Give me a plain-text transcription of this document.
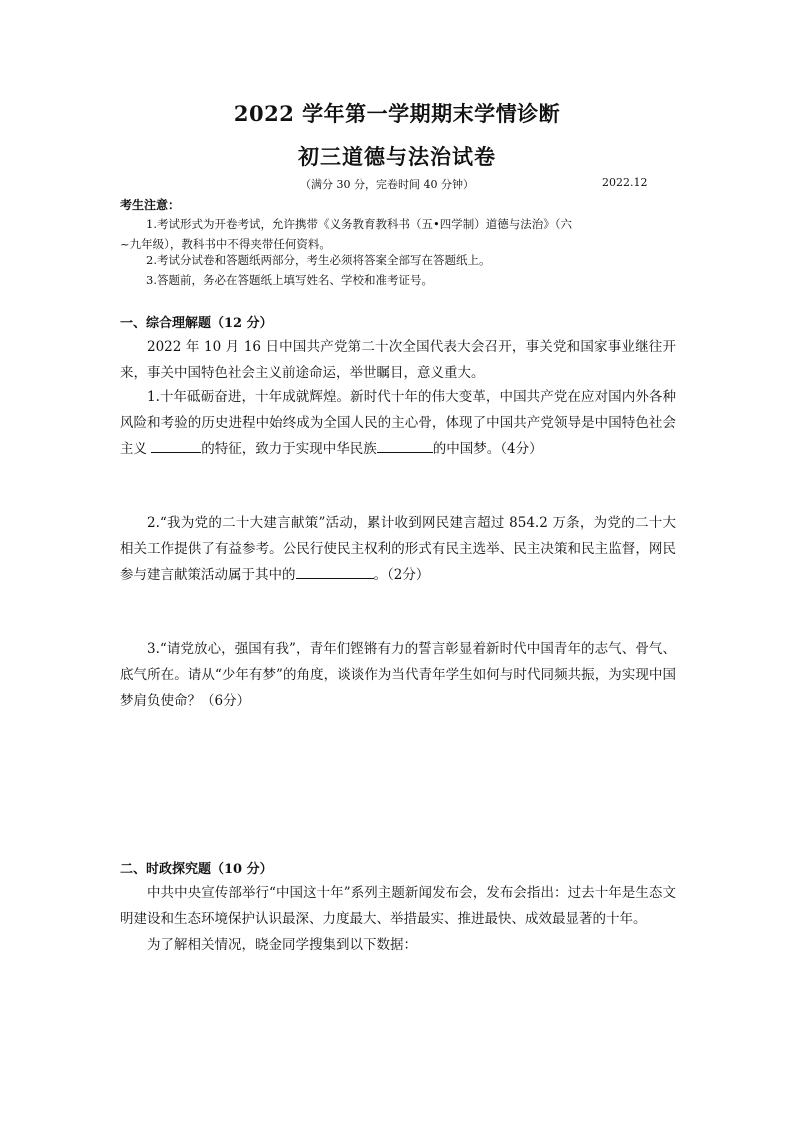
2022 学年第一学期期末学情诊断
初三道德与法治试卷
（满分 30 分，完卷时间 40 分钟）	2022.12
考生注意：
1.考试形式为开卷考试，允许携带《义务教育教科书（五•四学制）道德与法治》（六
~九年级），教科书中不得夹带任何资料。
2.考试分试卷和答题纸两部分，考生必须将答案全部写在答题纸上。
3.答题前，务必在答题纸上填写姓名、学校和准考证号。
一、综合理解题（12 分）
2022 年 10 月 16 日中国共产党第二十次全国代表大会召开，事关党和国家事业继往开来，事关中国特色社会主义前途命运，举世瞩目，意义重大。
1.十年砥砺奋进，十年成就辉煌。新时代十年的伟大变革，中国共产党在应对国内外各种风险和考验的历史进程中始终成为全国人民的主心骨，体现了中国共产党领导是中国特色社会主义	的特征，致力于实现中华民族	的中国梦。（4分）
2.“我为党的二十大建言献策”活动，累计收到网民建言超过 854.2 万条，为党的二十大相关工作提供了有益参考。公民行使民主权利的形式有民主选举、民主决策和民主监督，网民参与建言献策活动属于其中的	。（2分）
3.“请党放心，强国有我”，青年们铿锵有力的誓言彰显着新时代中国青年的志气、骨气、底气所在。请从“少年有梦”的角度，谈谈作为当代青年学生如何与时代同频共振，为实现中国梦肩负使命？（6分）
二、时政探究题（10 分）
中共中央宣传部举行“中国这十年”系列主题新闻发布会，发布会指出：过去十年是生态文明建设和生态环境保护认识最深、力度最大、举措最实、推进最快、成效最显著的十年。
为了解相关情况，晓金同学搜集到以下数据：
